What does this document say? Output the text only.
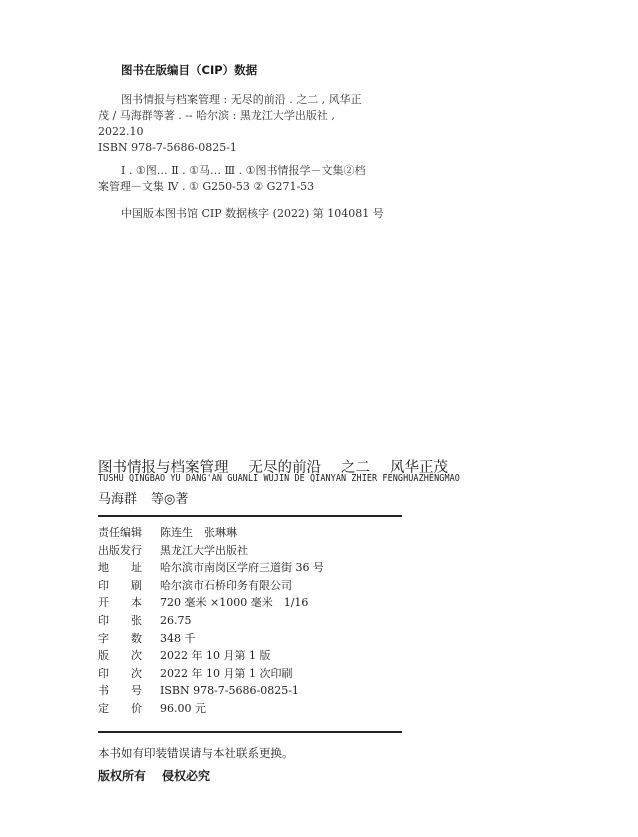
图书在版编目（CIP）数据
图书情报与档案管理 : 无尽的前沿 . 之二 , 风华正
茂 / 马海群等著 . -- 哈尔滨 : 黑龙江大学出版社 ,
2022.10
ISBN 978-7-5686-0825-1
Ⅰ . ①图… Ⅱ . ①马… Ⅲ . ①图书情报学－文集②档
案管理－文集 Ⅳ . ① G250-53 ② G271-53
中国版本图书馆 CIP 数据核字 (2022) 第 104081 号
图书情报与档案管理 无尽的前沿 之二 风华正茂
TUSHU QINGBAO YU DANG'AN GUANLI WUJIN DE QIANYAN ZHIER FENGHUAZHENGMAO
马海群 等◎著
责任编辑	陈连生　张琳琳
出版发行	黑龙江大学出版社
地　　址	哈尔滨市南岗区学府三道街 36 号
印　　刷	哈尔滨市石桥印务有限公司
开　　本	720 毫米 ×1000 毫米　1/16
印　　张	26.75
字　　数	348 千
版　　次	2022 年 10 月第 1 版
印　　次	2022 年 10 月第 1 次印刷
书　　号	ISBN 978-7-5686-0825-1
定　　价	96.00 元
本书如有印装错误请与本社联系更换。
版权所有 侵权必究
